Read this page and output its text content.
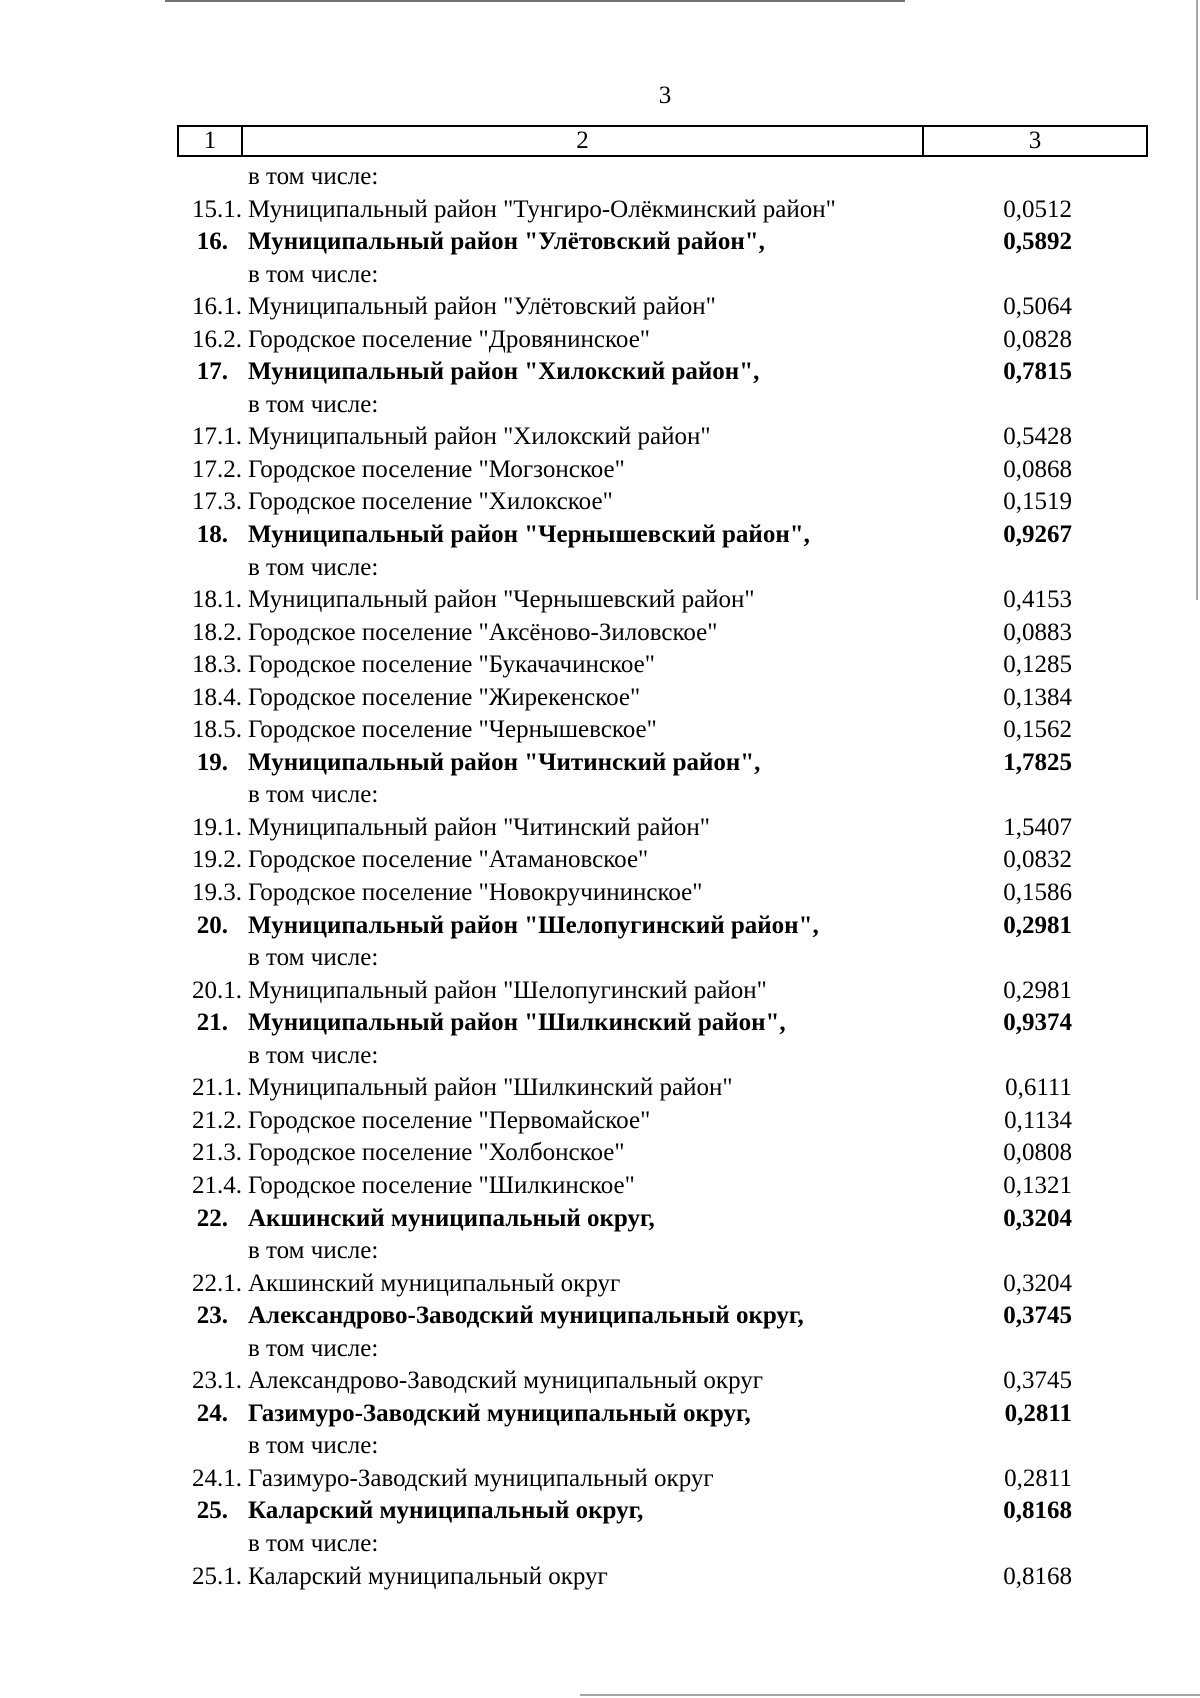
3
1	2	3
в том числе:
15.1. Муниципальный район "Тунгиро-Олёкминский район"	0,0512
16. Муниципальный район "Улётовский район",	0,5892
в том числе:
16.1. Муниципальный район "Улётовский район"	0,5064
16.2. Городское поселение "Дровянинское"	0,0828
17. Муниципальный район "Хилокский район",	0,7815
в том числе:
17.1. Муниципальный район "Хилокский район"	0,5428
17.2. Городское поселение "Могзонское"	0,0868
17.3. Городское поселение "Хилокское"	0,1519
18. Муниципальный район "Чернышевский район",	0,9267
в том числе:
18.1. Муниципальный район "Чернышевский район"	0,4153
18.2. Городское поселение "Аксёново-Зиловское"	0,0883
18.3. Городское поселение "Букачачинское"	0,1285
18.4. Городское поселение "Жирекенское"	0,1384
18.5. Городское поселение "Чернышевское"	0,1562
19. Муниципальный район "Читинский район",	1,7825
в том числе:
19.1. Муниципальный район "Читинский район"	1,5407
19.2. Городское поселение "Атамановское"	0,0832
19.3. Городское поселение "Новокручининское"	0,1586
20. Муниципальный район "Шелопугинский район",	0,2981
в том числе:
20.1. Муниципальный район "Шелопугинский район"	0,2981
21. Муниципальный район "Шилкинский район",	0,9374
в том числе:
21.1. Муниципальный район "Шилкинский район"	0,6111
21.2. Городское поселение "Первомайское"	0,1134
21.3. Городское поселение "Холбонское"	0,0808
21.4. Городское поселение "Шилкинское"	0,1321
22. Акшинский муниципальный округ,	0,3204
в том числе:
22.1. Акшинский муниципальный округ	0,3204
23. Александрово-Заводский муниципальный округ,	0,3745
в том числе:
23.1. Александрово-Заводский муниципальный округ	0,3745
24. Газимуро-Заводский муниципальный округ,	0,2811
в том числе:
24.1. Газимуро-Заводский муниципальный округ	0,2811
25. Каларский муниципальный округ,	0,8168
в том числе:
25.1. Каларский муниципальный округ	0,8168
